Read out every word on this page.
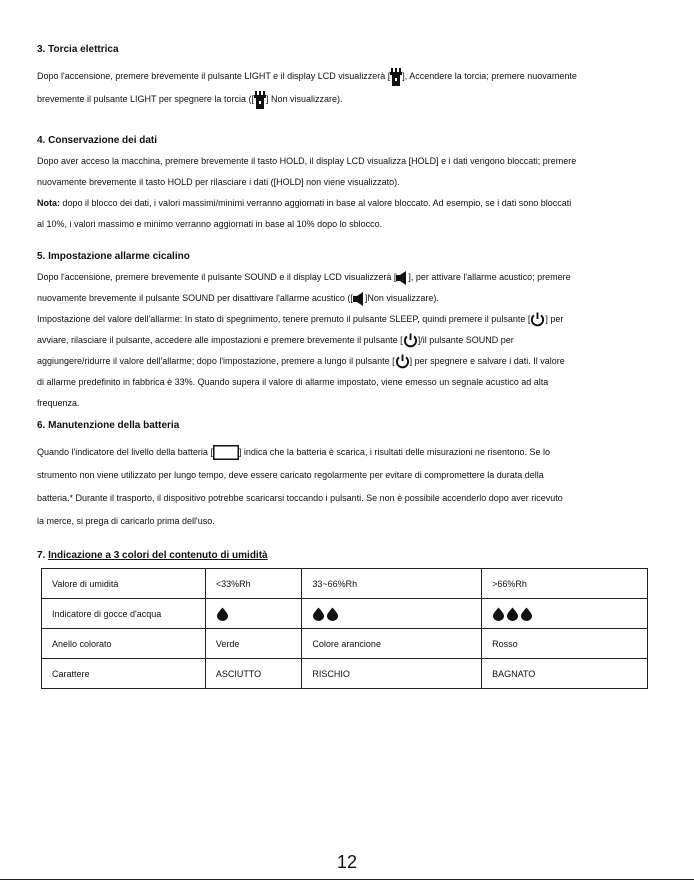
3. Torcia elettrica

Dopo l'accensione, premere brevemente il pulsante LIGHT e il display LCD visualizzerà [ ], Accendere la torcia; premere nuovamente

brevemente il pulsante LIGHT per spegnere la torcia ([ ] Non visualizzare).

4. Conservazione dei dati

Dopo aver acceso la macchina, premere brevemente il tasto HOLD, il display LCD visualizza [HOLD] e i dati vengono bloccati; premere

nuovamente brevemente il tasto HOLD per rilasciare i dati ([HOLD] non viene visualizzato).

Nota: dopo il blocco dei dati, i valori massimi/minimi verranno aggiornati in base al valore bloccato. Ad esempio, se i dati sono bloccati

al 10%, i valori massimo e minimo verranno aggiornati in base al 10% dopo lo sblocco.

5. Impostazione allarme cicalino

Dopo l'accensione, premere brevemente il pulsante SOUND e il display LCD visualizzerà [ ], per attivare l'allarme acustico; premere

nuovamente brevemente il pulsante SOUND per disattivare l'allarme acustico ([ ]Non visualizzare).

Impostazione del valore dell'allarme: In stato di spegnimento, tenere premuto il pulsante SLEEP, quindi premere il pulsante [ ] per

avviare, rilasciare il pulsante, accedere alle impostazioni e premere brevemente il pulsante [ ]/il pulsante SOUND per

aggiungere/ridurre il valore dell'allarme; dopo l'impostazione, premere a lungo il pulsante [ ] per spegnere e salvare i dati. Il valore

di allarme predefinito in fabbrica è 33%. Quando supera il valore di allarme impostato, viene emesso un segnale acustico ad alta

frequenza.

6. Manutenzione della batteria

Quando l'indicatore del livello della batteria [	] indica che la batteria è scarica, i risultati delle misurazioni ne risentono. Se lo

strumento non viene utilizzato per lungo tempo, deve essere caricato regolarmente per evitare di compromettere la durata della

batteria.* Durante il trasporto, il dispositivo potrebbe scaricarsi toccando i pulsanti. Se non è possibile accenderlo dopo aver ricevuto

la merce, si prega di caricarlo prima dell'uso.

7. Indicazione a 3 colori del contenuto di umidità

Valore di umidità	<33%Rh	33~66%Rh	>66%Rh
Indicatore di gocce d'acqua			
Anello colorato	Verde	Colore arancione	Rosso
Carattere	ASCIUTTO	RISCHIO	BAGNATO
12
